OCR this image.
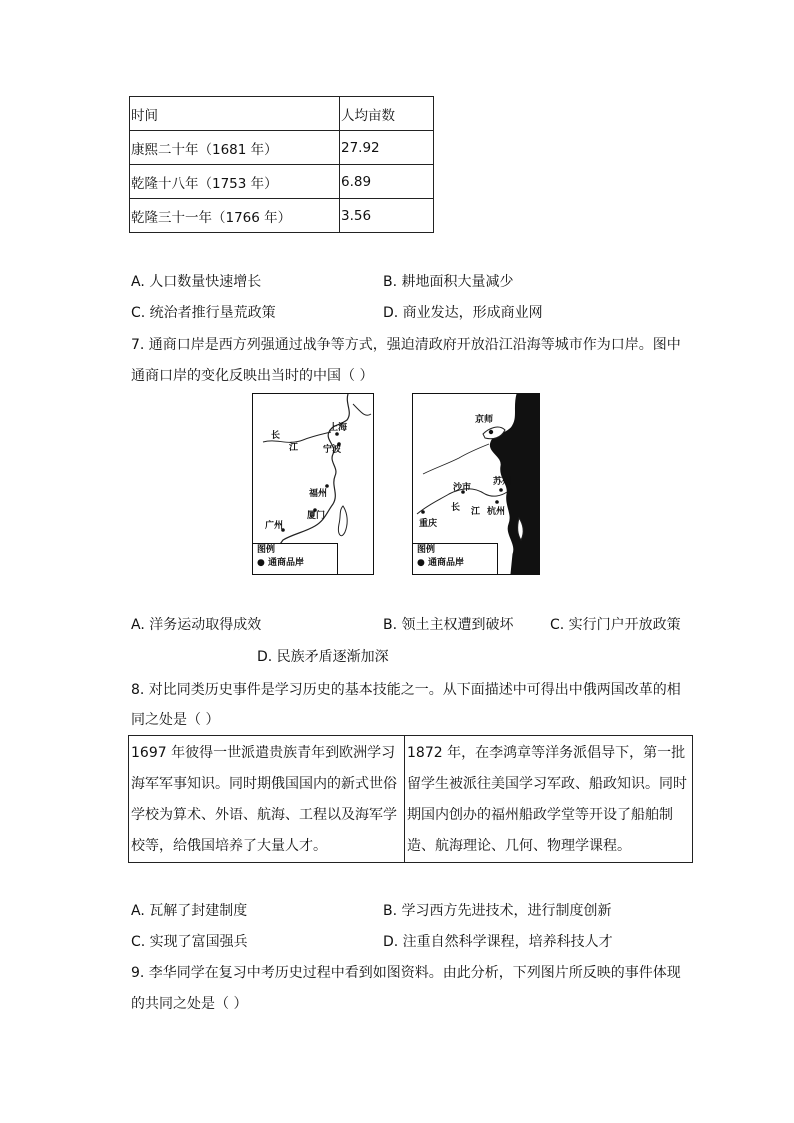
时间	人均亩数
康熙二十年（1681 年）	27.92
乾隆十八年（1753 年）	6.89
乾隆三十一年（1766 年）	3.56
A. 人口数量快速增长	B. 耕地面积大量减少
C. 统治者推行垦荒政策	D. 商业发达，形成商业网
7. 通商口岸是西方列强通过战争等方式，强迫清政府开放沿江沿海等城市作为口岸。图中
通商口岸的变化反映出当时的中国（ ）
长
江
上海
宁波
福州
厦门
广州
图例
● 通商品岸
京师
沙市
苏州
长 江 杭州
重庆
图例
● 通商品岸
A. 洋务运动取得成效	B. 领土主权遭到破坏	C. 实行门户开放政策
D. 民族矛盾逐渐加深
8. 对比同类历史事件是学习历史的基本技能之一。从下面描述中可得出中俄两国改革的相
同之处是（ ）
1697 年彼得一世派遣贵族青年到欧洲学习海军军事知识。同时期俄国国内的新式世俗学校为算术、外语、航海、工程以及海军学校等，给俄国培养了大量人才。	1872 年，在李鸿章等洋务派倡导下，第一批留学生被派往美国学习军政、船政知识。同时期国内创办的福州船政学堂等开设了船舶制造、航海理论、几何、物理学课程。
A. 瓦解了封建制度	B. 学习西方先进技术，进行制度创新
C. 实现了富国强兵	D. 注重自然科学课程，培养科技人才
9. 李华同学在复习中考历史过程中看到如图资料。由此分析，下列图片所反映的事件体现
的共同之处是（ ）
